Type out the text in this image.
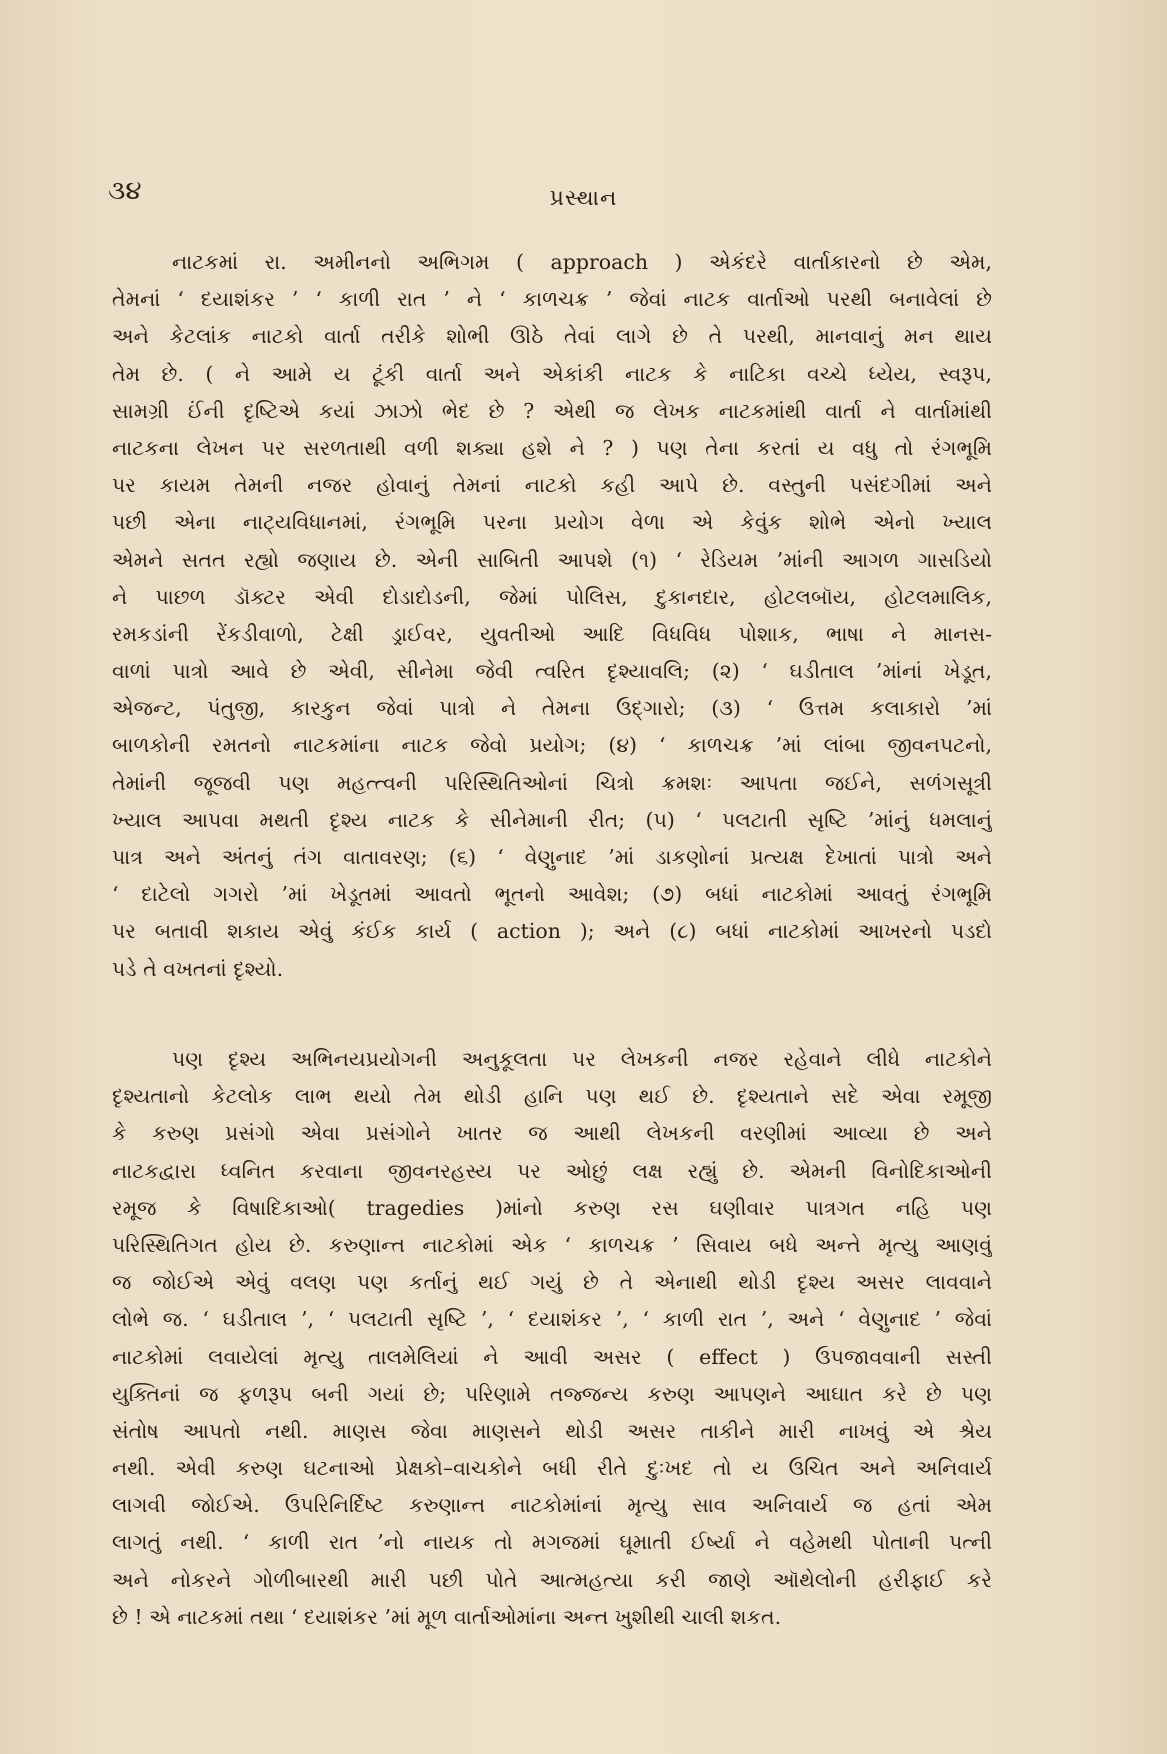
૩૪	પ્રસ્થાન
નાટકમાં રા. અમીનનો અભિગમ ( approach ) એકંદરે વાર્તાકારનો છે એમ,
તેમનાં ‘ દયાશંકર ’ ‘ કાળી રાત ’ ને ‘ કાળચક્ર ’ જેવાં નાટક વાર્તાઓ પરથી બનાવેલાં છે
અને કેટલાંક નાટકો વાર્તા તરીકે શોભી ઊઠે તેવાં લાગે છે તે પરથી, માનવાનું મન થાય
તેમ છે. ( ને આમે ય ટૂંકી વાર્તા અને એકાંકી નાટક કે નાટિકા વચ્ચે ધ્યેય, સ્વરૂપ,
સામગ્રી ઈંની દૃષ્ટિએ કયાં ઝાઝો ભેદ છે ? એથી જ લેખક નાટકમાંથી વાર્તા ને વાર્તામાંથી
નાટકના લેખન પર સરળતાથી વળી શક્યા હશે ને ? ) પણ તેના કરતાં ય વધુ તો રંગભૂમિ
પર કાયમ તેમની નજર હોવાનું તેમનાં નાટકો કહી આપે છે. વસ્તુની પસંદગીમાં અને
પછી એના નાટ્યવિધાનમાં, રંગભૂમિ પરના પ્રયોગ વેળા એ કેવુંક શોભે એનો ખ્યાલ
એમને સતત રહ્યો જણાય છે. એની સાબિતી આપશે (૧) ‘ રેડિયમ ’માંની આગળ ગાસડિયો
ને પાછળ ડૉક્ટર એવી દોડાદોડની, જેમાં પોલિસ, દુકાનદાર, હોટલબૉય, હોટલમાલિક,
રમકડાંની રેંકડીવાળો, ટેક્ષી ડ્રાઈવર, યુવતીઓ આદિ વિધવિધ પોશાક, ભાષા ને માનસ-
વાળાં પાત્રો આવે છે એવી, સીનેમા જેવી ત્વરિત દૃશ્યાવલિ; (૨) ‘ ઘડીતાલ ’માંનાં ખેડૂત,
એજન્ટ, પંતુજી, કારકુન જેવાં પાત્રો ને તેમના ઉદ્‌ગારો; (૩) ‘ ઉત્તમ કલાકારો ’માં
બાળકોની રમતનો નાટકમાંના નાટક જેવો પ્રયોગ; (૪) ‘ કાળચક્ર ’માં લાંબા જીવનપટનો,
તેમાંની જૂજવી પણ મહત્ત્વની પરિસ્થિતિઓનાં ચિત્રો ક્રમશઃ આપતા જઈને, સળંગસૂત્રી
ખ્યાલ આપવા મથતી દૃશ્ય નાટક કે સીનેમાની રીત; (૫) ‘ પલટાતી સૃષ્ટિ ’માંનું ધમલાનું
પાત્ર અને અંતનું તંગ વાતાવરણ; (૬) ‘ વેણુનાદ ’માં ડાકણોનાં પ્રત્યક્ષ દેખાતાં પાત્રો અને
‘ દાટેલો ગગરો ’માં ખેડૂતમાં આવતો ભૂતનો આવેશ; (૭) બધાં નાટકોમાં આવતું રંગભૂમિ
પર બતાવી શકાય એવું કંઈક કાર્ય ( action ); અને (૮) બધાં નાટકોમાં આખરનો પડદો
પડે તે વખતનાં દૃશ્યો.
પણ દૃશ્ય અભિનયપ્રયોગની અનુકૂલતા પર લેખકની નજર રહેવાને લીધે નાટકોને
દૃશ્યતાનો કેટલોક લાભ થયો તેમ થોડી હાનિ પણ થઈ છે. દૃશ્યતાને સદે એવા રમૂજી
કે કરુણ પ્રસંગો એવા પ્રસંગોને ખાતર જ આથી લેખકની વરણીમાં આવ્યા છે અને
નાટકદ્વારા ધ્વનિત કરવાના જીવનરહસ્ય પર ઓછું લક્ષ રહ્યું છે. એમની વિનોદિકાઓની
રમૂજ કે વિષાદિકાઓ( tragedies )માંનો કરુણ રસ ઘણીવાર પાત્રગત નહિ પણ
પરિસ્થિતિગત હોય છે. કરુણાન્ત નાટકોમાં એક ‘ કાળચક્ર ’ સિવાય બધે અન્તે મૃત્યુ આણવું
જ જોઈએ એવું વલણ પણ કર્તાનું થઈ ગયું છે તે એનાથી થોડી દૃશ્ય અસર લાવવાને
લોભે જ. ‘ ઘડીતાલ ’, ‘ પલટાતી સૃષ્ટિ ’, ‘ દયાશંકર ’, ‘ કાળી રાત ’, અને ‘ વેણુનાદ ’ જેવાં
નાટકોમાં લવાયેલાં મૃત્યુ તાલમેલિયાં ને આવી અસર ( effect ) ઉપજાવવાની સસ્તી
યુક્તિનાં જ ફળરૂપ બની ગયાં છે; પરિણામે તજ્જન્ય કરુણ આપણને આઘાત કરે છે પણ
સંતોષ આપતો નથી. માણસ જેવા માણસને થોડી અસર તાકીને મારી નાખવું એ શ્રેય
નથી. એવી કરુણ ઘટનાઓ પ્રેક્ષકો–વાચકોને બધી રીતે દુઃખદ તો ય ઉચિત અને અનિવાર્ય
લાગવી જોઈએ. ઉપરિનિર્દિષ્ટ કરુણાન્ત નાટકોમાંનાં મૃત્યુ સાવ અનિવાર્ય જ હતાં એમ
લાગતું નથી. ‘ કાળી રાત ’નો નાયક તો મગજમાં ઘૂમાતી ઈર્ષ્યા ને વહેમથી પોતાની પત્ની
અને નોકરને ગોળીબારથી મારી પછી પોતે આત્મહત્યા કરી જાણે ઑથેલોની હરીફાઈ કરે
છે ! એ નાટકમાં તથા ‘ દયાશંકર ’માં મૂળ વાર્તાઓમાંના અન્ત ખુશીથી ચાલી શકત.
